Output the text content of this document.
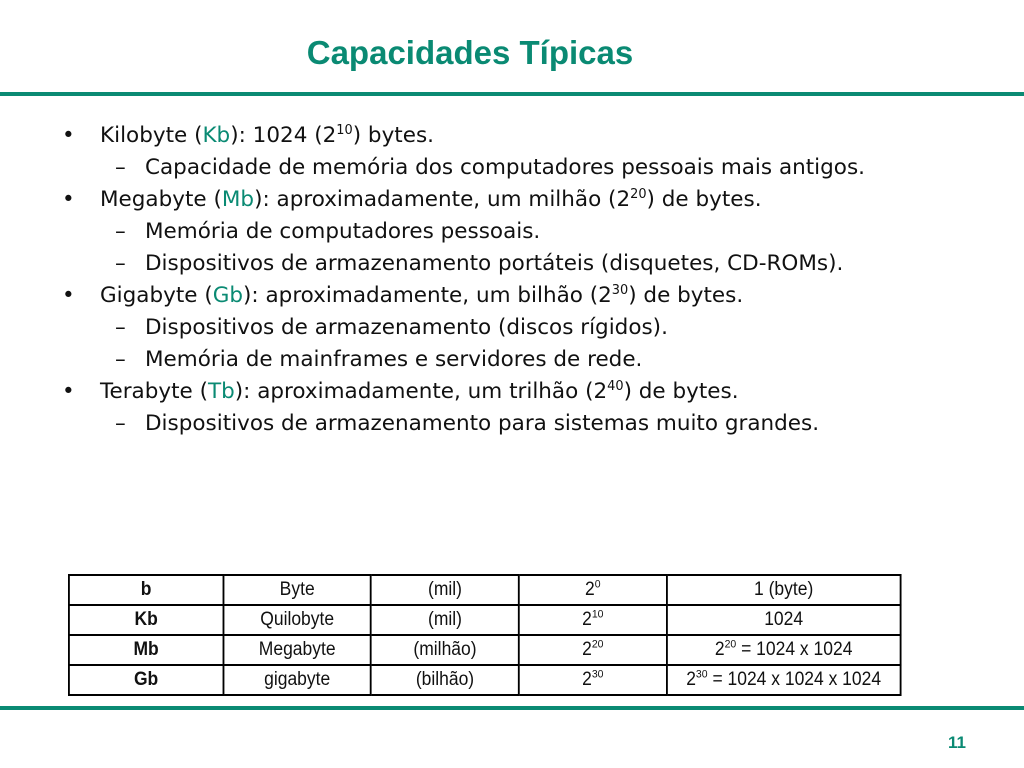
Capacidades Típicas
• Kilobyte (Kb): 1024 $(2^{10})$ bytes.
– Capacidade de memória dos computadores pessoais mais antigos.
• Megabyte (Mb): aproximadamente, um milhão $(2^{20})$ de bytes.
– Memória de computadores pessoais.
– Dispositivos de armazenamento portáteis (disquetes, CD-ROMs).
• Gigabyte (Gb): aproximadamente, um bilhão $(2^{30})$ de bytes.
– Dispositivos de armazenamento (discos rígidos).
– Memória de mainframes e servidores de rede.
• Terabyte (Tb): aproximadamente, um trilhão $(2^{40})$ de bytes.
– Dispositivos de armazenamento para sistemas muito grandes.
b	Byte	(mil)	$2^0$	1 (byte)
Kb	Quilobyte	(mil)	$2^{10}$	1024
Mb	Megabyte	(milhão)	$2^{20}$	$2^{20} = 1024$ x 1024
Gb	gigabyte	(bilhão)	$2^{30}$	$2^{30} = 1024$ x 1024 x 1024
11
